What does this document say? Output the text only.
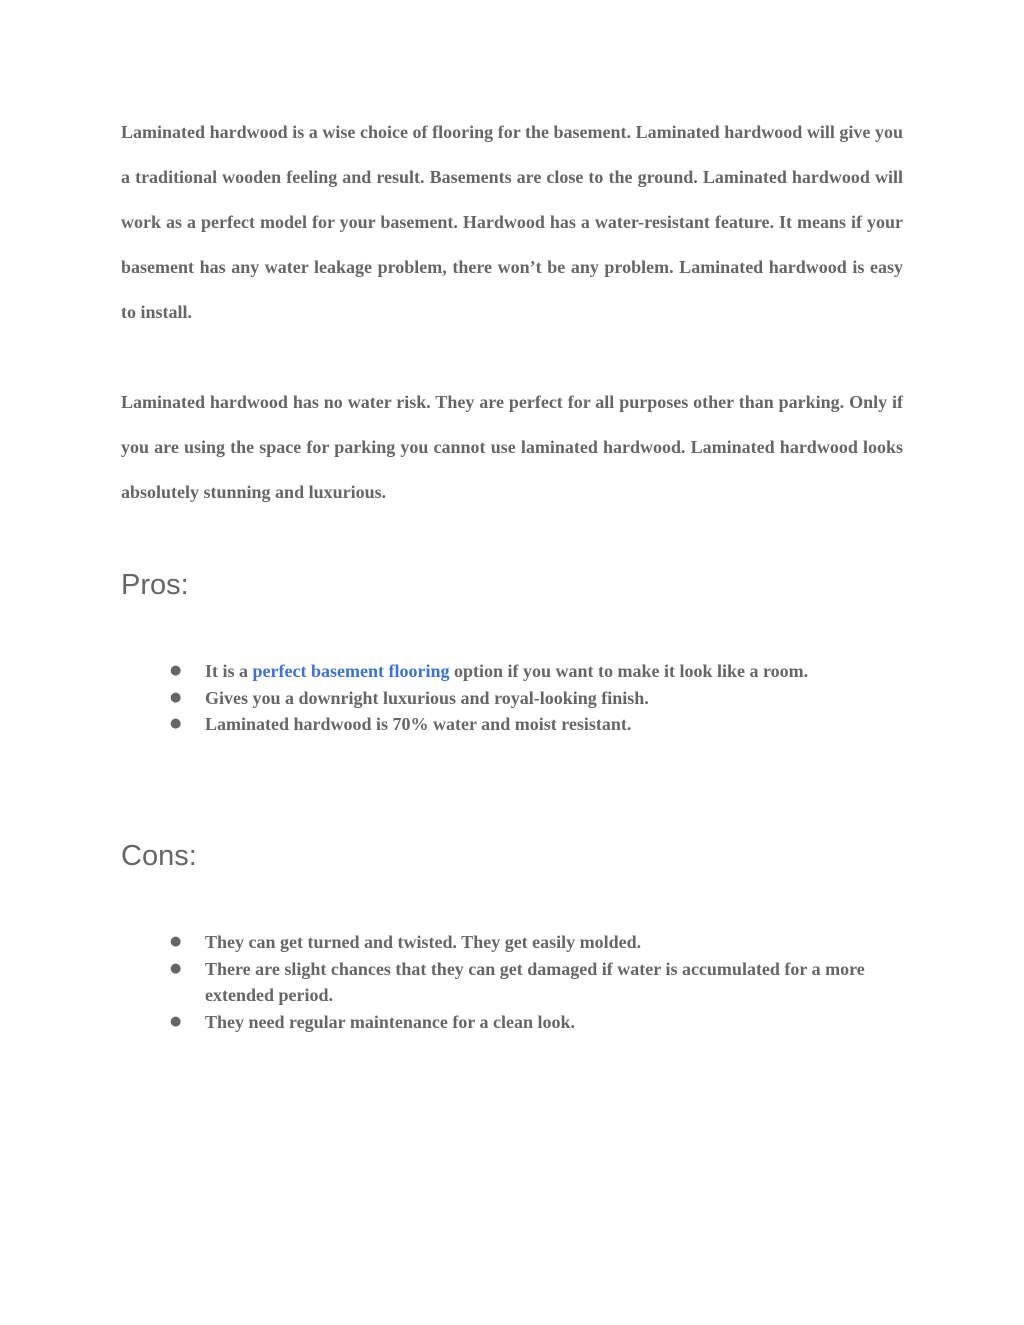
Laminated hardwood is a wise choice of flooring for the basement. Laminated hardwood will give you a traditional wooden feeling and result. Basements are close to the ground. Laminated hardwood will work as a perfect model for your basement. Hardwood has a water-resistant feature. It means if your basement has any water leakage problem, there won’t be any problem. Laminated hardwood is easy to install.

Laminated hardwood has no water risk. They are perfect for all purposes other than parking. Only if you are using the space for parking you cannot use laminated hardwood. Laminated hardwood looks absolutely stunning and luxurious.

Pros:
● It is a perfect basement flooring option if you want to make it look like a room.
● Gives you a downright luxurious and royal-looking finish.
● Laminated hardwood is 70% water and moist resistant.
Cons:
● They can get turned and twisted. They get easily molded.
● There are slight chances that they can get damaged if water is accumulated for a more extended period.
● They need regular maintenance for a clean look.
